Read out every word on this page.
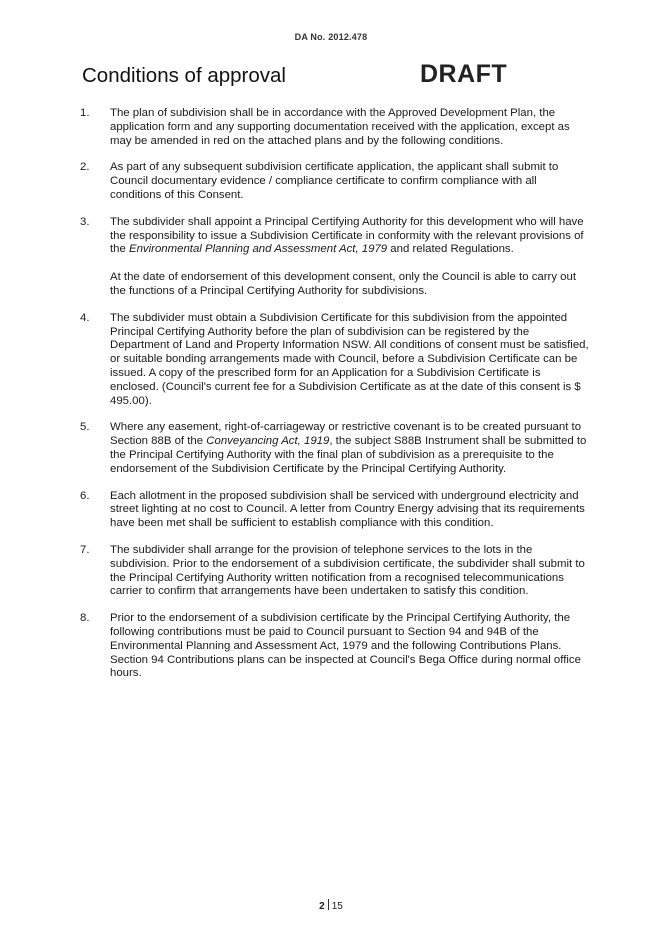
DA No. 2012.478
Conditions of approval	DRAFT
1.	The plan of subdivision shall be in accordance with the Approved Development Plan, the application form and any supporting documentation received with the application, except as may be amended in red on the attached plans and by the following conditions.

2.	As part of any subsequent subdivision certificate application, the applicant shall submit to Council documentary evidence / compliance certificate to confirm compliance with all conditions of this Consent.

3.	The subdivider shall appoint a Principal Certifying Authority for this development who will have the responsibility to issue a Subdivision Certificate in conformity with the relevant provisions of the Environmental Planning and Assessment Act, 1979 and related Regulations.

At the date of endorsement of this development consent, only the Council is able to carry out the functions of a Principal Certifying Authority for subdivisions.

4.	The subdivider must obtain a Subdivision Certificate for this subdivision from the appointed Principal Certifying Authority before the plan of subdivision can be registered by the Department of Land and Property Information NSW. All conditions of consent must be satisfied, or suitable bonding arrangements made with Council, before a Subdivision Certificate can be issued. A copy of the prescribed form for an Application for a Subdivision Certificate is enclosed. (Council's current fee for a Subdivision Certificate as at the date of this consent is $ 495.00).

5.	Where any easement, right-of-carriageway or restrictive covenant is to be created pursuant to Section 88B of the Conveyancing Act, 1919, the subject S88B Instrument shall be submitted to the Principal Certifying Authority with the final plan of subdivision as a prerequisite to the endorsement of the Subdivision Certificate by the Principal Certifying Authority.

6.	Each allotment in the proposed subdivision shall be serviced with underground electricity and street lighting at no cost to Council. A letter from Country Energy advising that its requirements have been met shall be sufficient to establish compliance with this condition.

7.	The subdivider shall arrange for the provision of telephone services to the lots in the subdivision. Prior to the endorsement of a subdivision certificate, the subdivider shall submit to the Principal Certifying Authority written notification from a recognised telecommunications carrier to confirm that arrangements have been undertaken to satisfy this condition.

8.	Prior to the endorsement of a subdivision certificate by the Principal Certifying Authority, the following contributions must be paid to Council pursuant to Section 94 and 94B of the Environmental Planning and Assessment Act, 1979 and the following Contributions Plans. Section 94 Contributions plans can be inspected at Council's Bega Office during normal office hours.

2 15
